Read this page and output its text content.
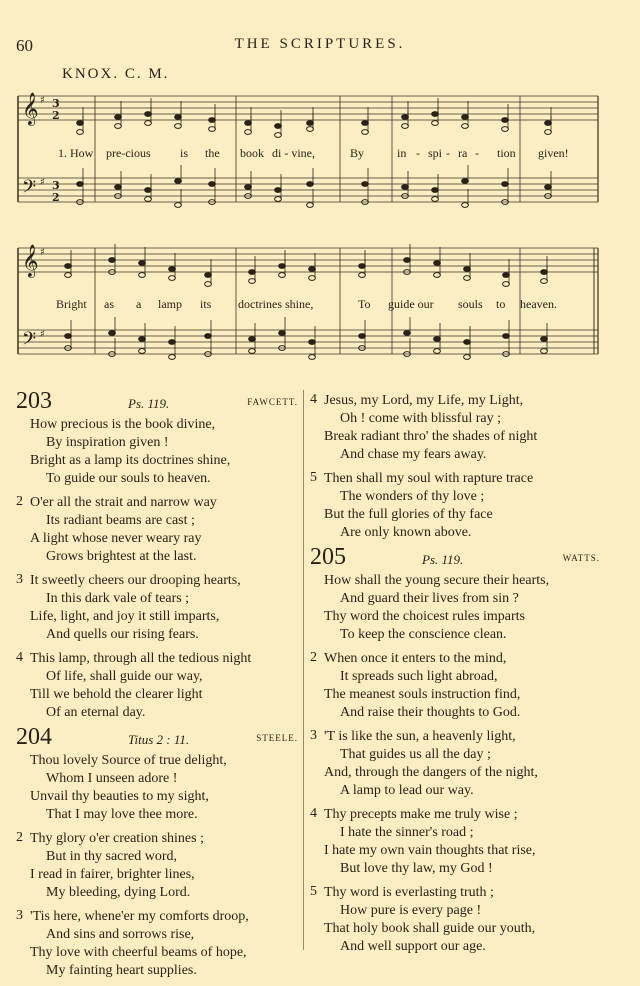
60	THE SCRIPTURES.
KNOX. C. M.
𝄞
𝄞
𝄢
𝄢
3
2
3
2
♯
♯
♯
♯
1. How pre-cious is the book di - vine,	By	in - spi - ra - tion given!
Bright as a lamp its doctrines shine,	To guide our souls to heaven.
203	Ps. 119.	FAWCETT.
How precious is the book divine,
By inspiration given !
Bright as a lamp its doctrines shine,
To guide our souls to heaven.
2 O'er all the strait and narrow way
Its radiant beams are cast ;
A light whose never weary ray
Grows brightest at the last.
3 It sweetly cheers our drooping hearts,
In this dark vale of tears ;
Life, light, and joy it still imparts,
And quells our rising fears.
4 This lamp, through all the tedious night
Of life, shall guide our way,
Till we behold the clearer light
Of an eternal day.
204	Titus 2 : 11.	STEELE.
Thou lovely Source of true delight,
Whom I unseen adore !
Unvail thy beauties to my sight,
That I may love thee more.
2 Thy glory o'er creation shines ;
But in thy sacred word,
I read in fairer, brighter lines,
My bleeding, dying Lord.
3 'Tis here, whene'er my comforts droop,
And sins and sorrows rise,
Thy love with cheerful beams of hope,
My fainting heart supplies.
4 Jesus, my Lord, my Life, my Light,
Oh ! come with blissful ray ;
Break radiant thro' the shades of night
And chase my fears away.
5 Then shall my soul with rapture trace
The wonders of thy love ;
But the full glories of thy face
Are only known above.
205	Ps. 119.	WATTS.
How shall the young secure their hearts,
And guard their lives from sin ?
Thy word the choicest rules imparts
To keep the conscience clean.
2 When once it enters to the mind,
It spreads such light abroad,
The meanest souls instruction find,
And raise their thoughts to God.
3 'T is like the sun, a heavenly light,
That guides us all the day ;
And, through the dangers of the night,
A lamp to lead our way.
4 Thy precepts make me truly wise ;
I hate the sinner's road ;
I hate my own vain thoughts that rise,
But love thy law, my God !
5 Thy word is everlasting truth ;
How pure is every page !
That holy book shall guide our youth,
And well support our age.
